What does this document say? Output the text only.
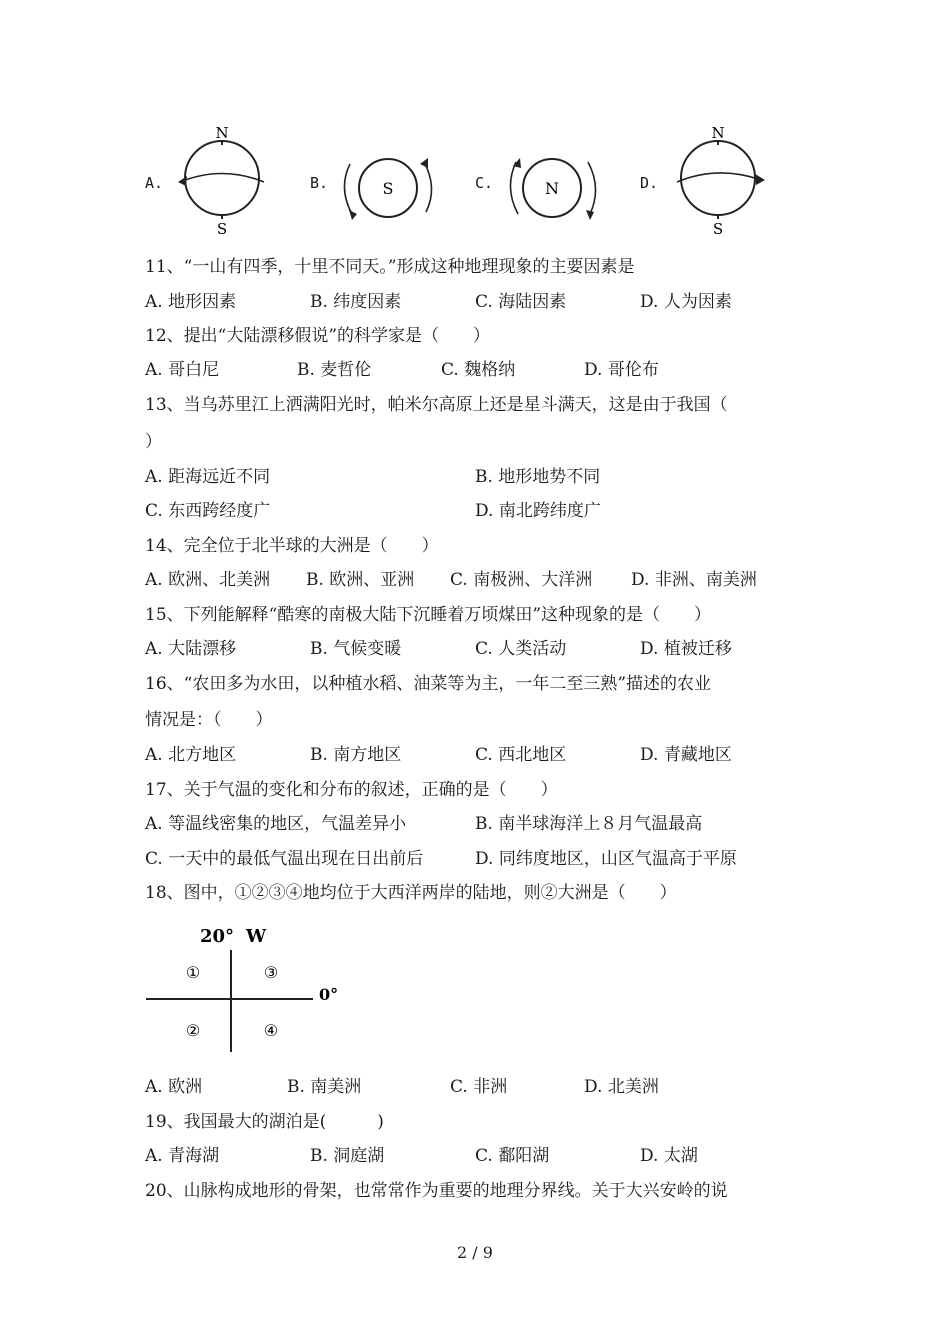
A.
N
S
B.	S	C.	N	D.
N
S
11、“一山有四季，十里不同天。”形成这种地理现象的主要因素是
A. 地形因素	B. 纬度因素	C. 海陆因素	D. 人为因素
12、提出“大陆漂移假说”的科学家是（　　）
A. 哥白尼	B. 麦哲伦	C. 魏格纳	D. 哥伦布
13、当乌苏里江上洒满阳光时，帕米尔高原上还是星斗满天，这是由于我国（
）
A. 距海远近不同	B. 地形地势不同
C. 东西跨经度广	D. 南北跨纬度广
14、完全位于北半球的大洲是（　　）
A. 欧洲、北美洲 B. 欧洲、亚洲 C. 南极洲、大洋洲 D. 非洲、南美洲
15、下列能解释“酷寒的南极大陆下沉睡着万顷煤田”这种现象的是（　　）
A. 大陆漂移	B. 气候变暖	C. 人类活动	D. 植被迁移
16、“农田多为水田，以种植水稻、油菜等为主，一年二至三熟”描述的农业
情况是：（　　）
A. 北方地区	B. 南方地区	C. 西北地区	D. 青藏地区
17、关于气温的变化和分布的叙述，正确的是（　　）
A. 等温线密集的地区，气温差异小	B. 南半球海洋上８月气温最高
C. 一天中的最低气温出现在日出前后	D. 同纬度地区，山区气温高于平原
18、图中，①②③④地均位于大西洋两岸的陆地，则②大洲是（　　）
20° W
0°
①	③
②	④
A. 欧洲	B. 南美洲	C. 非洲	D. 北美洲
19、我国最大的湖泊是(　　　)
A. 青海湖	B. 洞庭湖	C. 鄱阳湖	D. 太湖
20、山脉构成地形的骨架，也常常作为重要的地理分界线。关于大兴安岭的说
2 / 9
